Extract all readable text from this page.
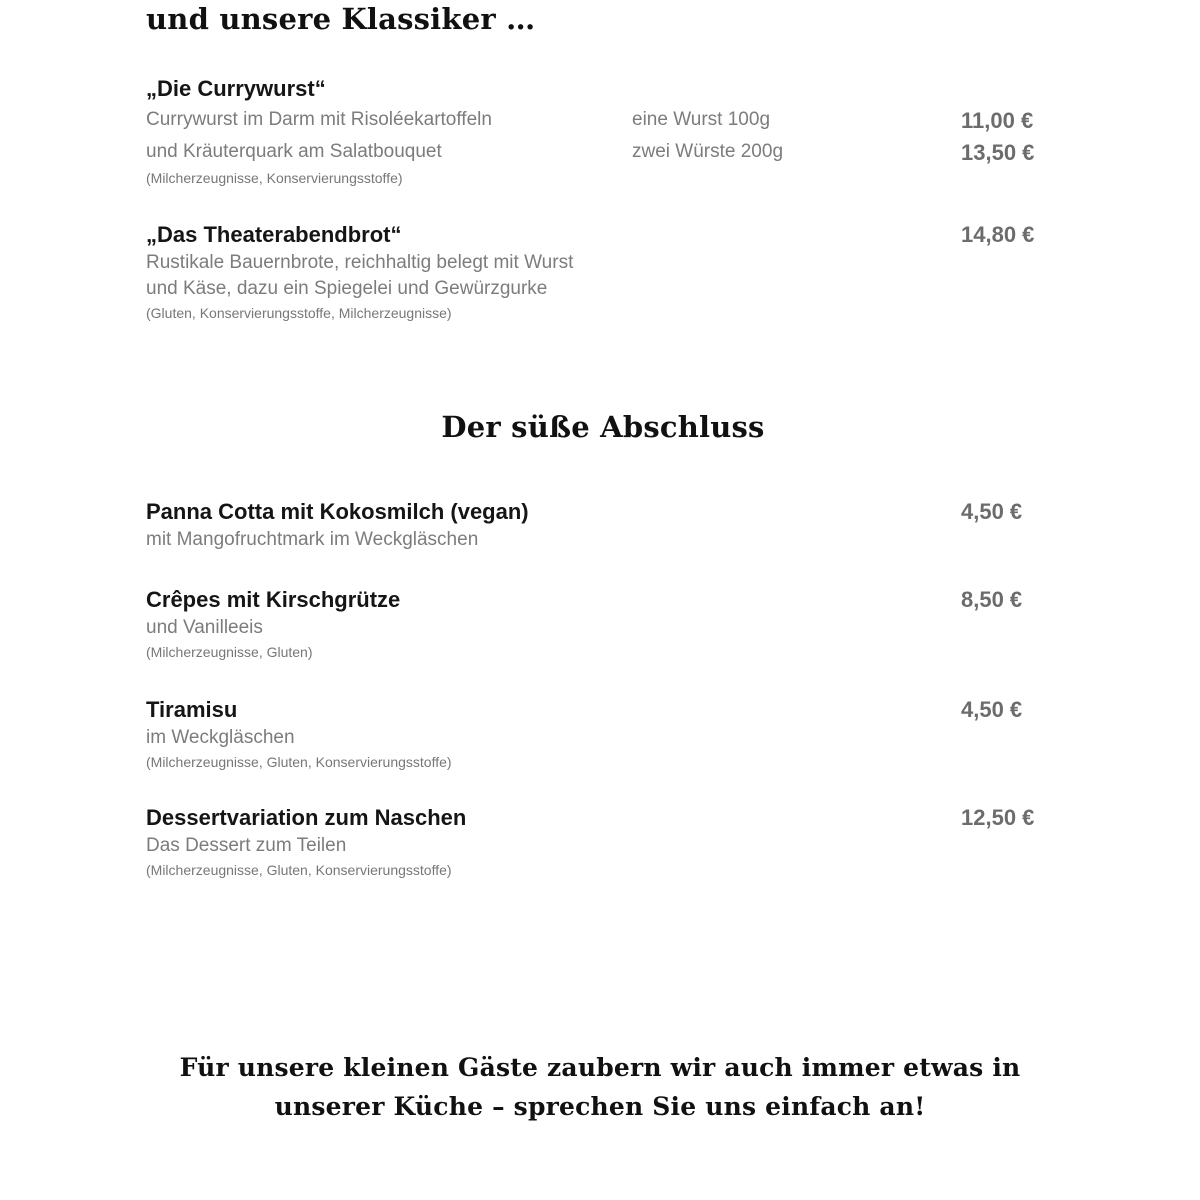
und unsere Klassiker …
„Die Currywurst“
Currywurst im Darm mit Risoléekartoffeln
und Kräuterquark am Salatbouquet
(Milcherzeugnisse, Konservierungsstoffe)
eine Wurst 100g
zwei Würste 200g
11,00 €
13,50 €
„Das Theaterabendbrot“
Rustikale Bauernbrote, reichhaltig belegt mit Wurst
und Käse, dazu ein Spiegelei und Gewürzgurke
(Gluten, Konservierungsstoffe, Milcherzeugnisse)
14,80 €
Der süße Abschluss
Panna Cotta mit Kokosmilch (vegan)
mit Mangofruchtmark im Weckgläschen
4,50 €
Crêpes mit Kirschgrütze
und Vanilleeis
(Milcherzeugnisse, Gluten)
8,50 €
Tiramisu
im Weckgläschen
(Milcherzeugnisse, Gluten, Konservierungsstoffe)
4,50 €
Dessertvariation zum Naschen
Das Dessert zum Teilen
(Milcherzeugnisse, Gluten, Konservierungsstoffe)
12,50 €
Für unsere kleinen Gäste zaubern wir auch immer etwas in unserer Küche – sprechen Sie uns einfach an!
